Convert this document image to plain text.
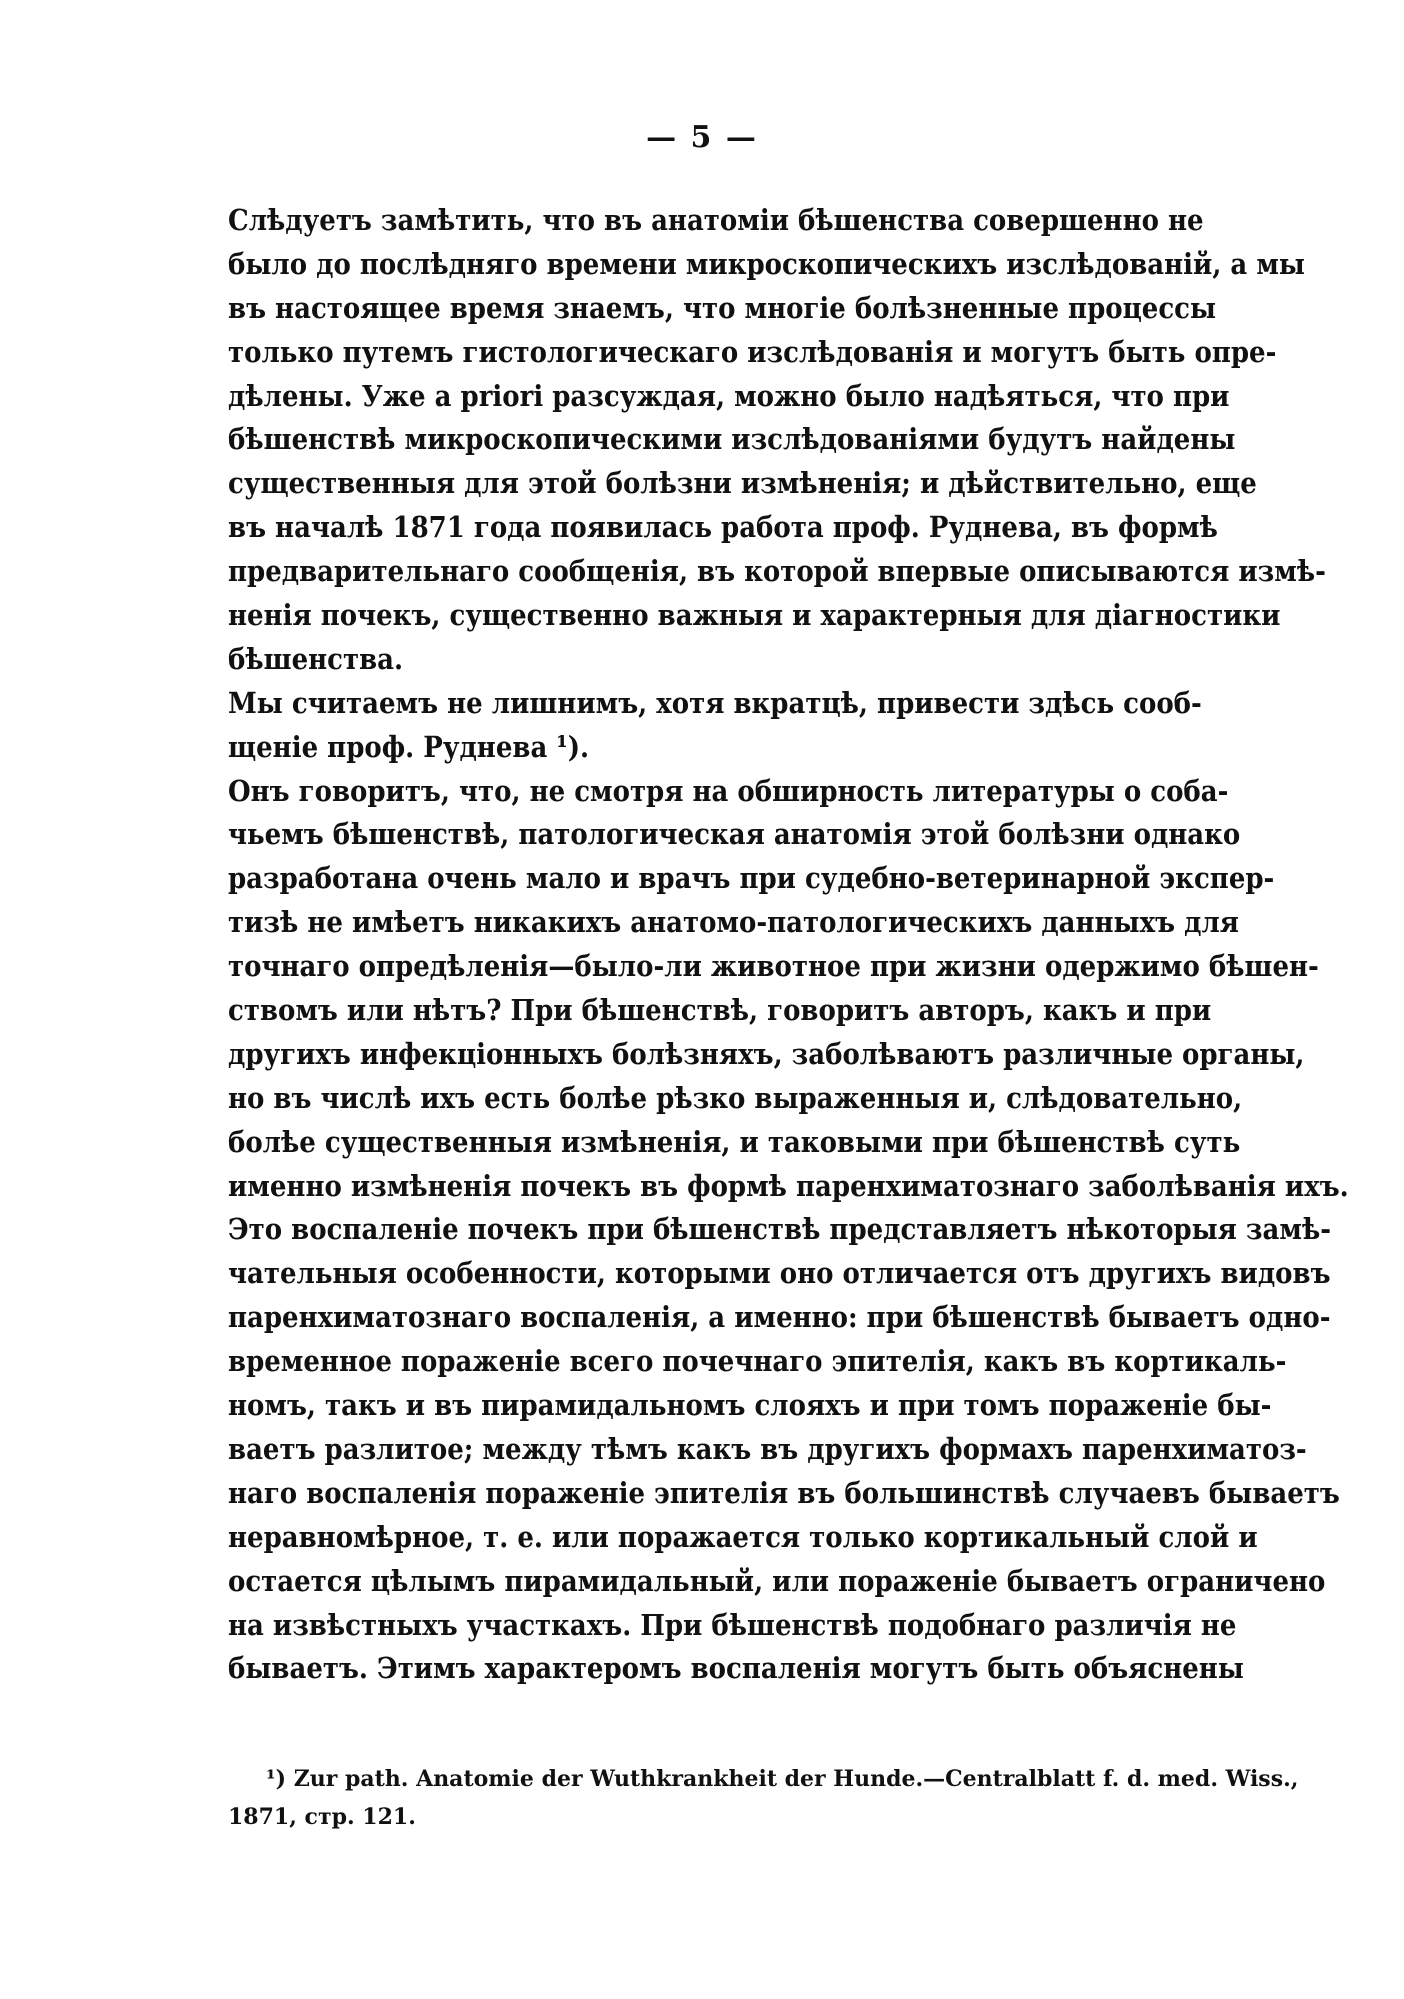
— 5 —
Слѣдуетъ замѣтить, что въ анатоміи бѣшенства совершенно не
было до послѣдняго времени микроскопическихъ изслѣдованій, а мы
въ настоящее время знаемъ, что многіе болѣзненные процессы
только путемъ гистологическаго изслѣдованія и могутъ быть опре-
дѣлены. Уже a priori разсуждая, можно было надѣяться, что при
бѣшенствѣ микроскопическими изслѣдованіями будутъ найдены
существенныя для этой болѣзни измѣненія; и дѣйствительно, еще
въ началѣ 1871 года появилась работа проф. Руднева, въ формѣ
предварительнаго сообщенія, въ которой впервые описываются измѣ-
ненія почекъ, существенно важныя и характерныя для діагностики
бѣшенства.
Мы считаемъ не лишнимъ, хотя вкратцѣ, привести здѣсь сооб-
щеніе проф. Руднева ¹).
Онъ говоритъ, что, не смотря на обширность литературы о соба-
чьемъ бѣшенствѣ, патологическая анатомія этой болѣзни однако
разработана очень мало и врачъ при судебно-ветеринарной экспер-
тизѣ не имѣетъ никакихъ анатомо-патологическихъ данныхъ для
точнаго опредѣленія—было-ли животное при жизни одержимо бѣшен-
ствомъ или нѣтъ? При бѣшенствѣ, говоритъ авторъ, какъ и при
другихъ инфекціонныхъ болѣзняхъ, заболѣваютъ различные органы,
но въ числѣ ихъ есть болѣе рѣзко выраженныя и, слѣдовательно,
болѣе существенныя измѣненія, и таковыми при бѣшенствѣ суть
именно измѣненія почекъ въ формѣ паренхиматознаго заболѣванія ихъ.
Это воспаленіе почекъ при бѣшенствѣ представляетъ нѣкоторыя замѣ-
чательныя особенности, которыми оно отличается отъ другихъ видовъ
паренхиматознаго воспаленія, а именно: при бѣшенствѣ бываетъ одно-
временное пораженіе всего почечнаго эпителія, какъ въ кортикаль-
номъ, такъ и въ пирамидальномъ слояхъ и при томъ пораженіе бы-
ваетъ разлитое; между тѣмъ какъ въ другихъ формахъ паренхиматоз-
наго воспаленія пораженіе эпителія въ большинствѣ случаевъ бываетъ
неравномѣрное, т. е. или поражается только кортикальный слой и
остается цѣлымъ пирамидальный, или пораженіе бываетъ ограничено
на извѣстныхъ участкахъ. При бѣшенствѣ подобнаго различія не
бываетъ. Этимъ характеромъ воспаленія могутъ быть объяснены
¹) Zur path. Anatomie der Wuthkrankheit der Hunde.—Centralblatt f. d. med. Wiss.,
1871, стр. 121.
